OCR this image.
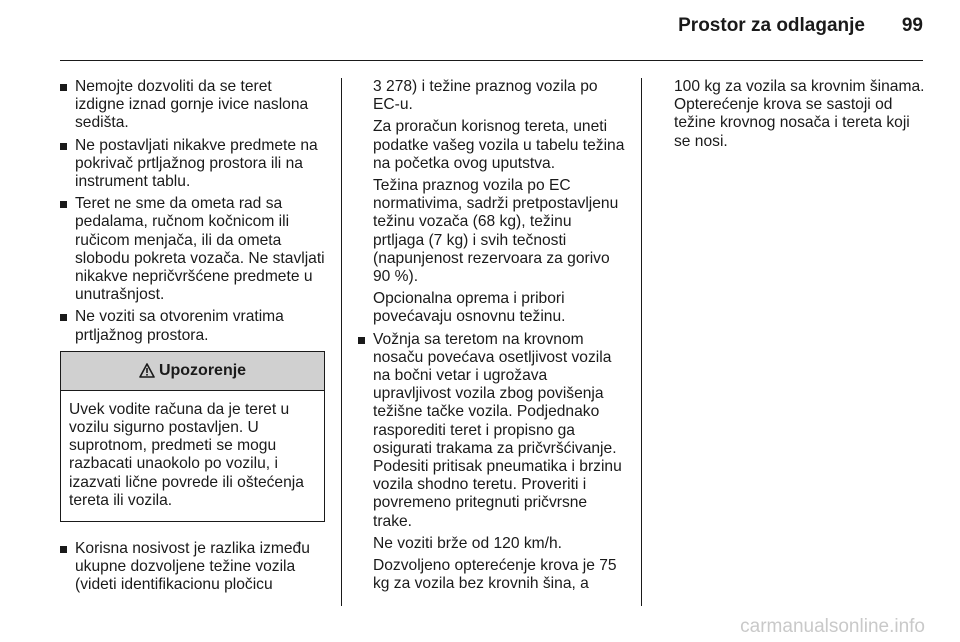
Prostor za odlaganje 99
Nemojte dozvoliti da se teret izdigne iznad gornje ivice naslona sedišta.
Ne postavljati nikakve predmete na pokrivač prtljažnog prostora ili na instrument tablu.
Teret ne sme da ometa rad sa pedalama, ručnom kočnicom ili ručicom menjača, ili da ometa slobodu pokreta vozača. Ne stavljati nikakve nepričvršćene predmete u unutrašnjost.
Ne voziti sa otvorenim vratima prtljažnog prostora.
Upozorenje
Uvek vodite računa da je teret u vozilu sigurno postavljen. U suprotnom, predmeti se mogu razbacati unaokolo po vozilu, i izazvati lične povrede ili oštećenja tereta ili vozila.
Korisna nosivost je razlika između ukupne dozvoljene težine vozila (videti identifikacionu pločicu

3 278) i težine praznog vozila po EC-u.

Za proračun korisnog tereta, uneti podatke vašeg vozila u tabelu težina na početka ovog uputstva.

Težina praznog vozila po EC normativima, sadrži pretpostavljenu težinu vozača (68 kg), težinu prtljaga (7 kg) i svih tečnosti (napunjenost rezervoara za gorivo 90 %).

Opcionalna oprema i pribori povećavaju osnovnu težinu.

Vožnja sa teretom na krovnom nosaču povećava osetljivost vozila na bočni vetar i ugrožava upravljivost vozila zbog povišenja težišne tačke vozila. Podjednako rasporediti teret i propisno ga osigurati trakama za pričvršćivanje. Podesiti pritisak pneumatika i brzinu vozila shodno teretu. Proveriti i povremeno pritegnuti pričvrsne trake.

Ne voziti brže od 120 km/h.

Dozvoljeno opterećenje krova je 75 kg za vozila bez krovnih šina, a

100 kg za vozila sa krovnim šinama. Opterećenje krova se sastoji od težine krovnog nosača i tereta koji se nosi.

carmanualsonline.info
